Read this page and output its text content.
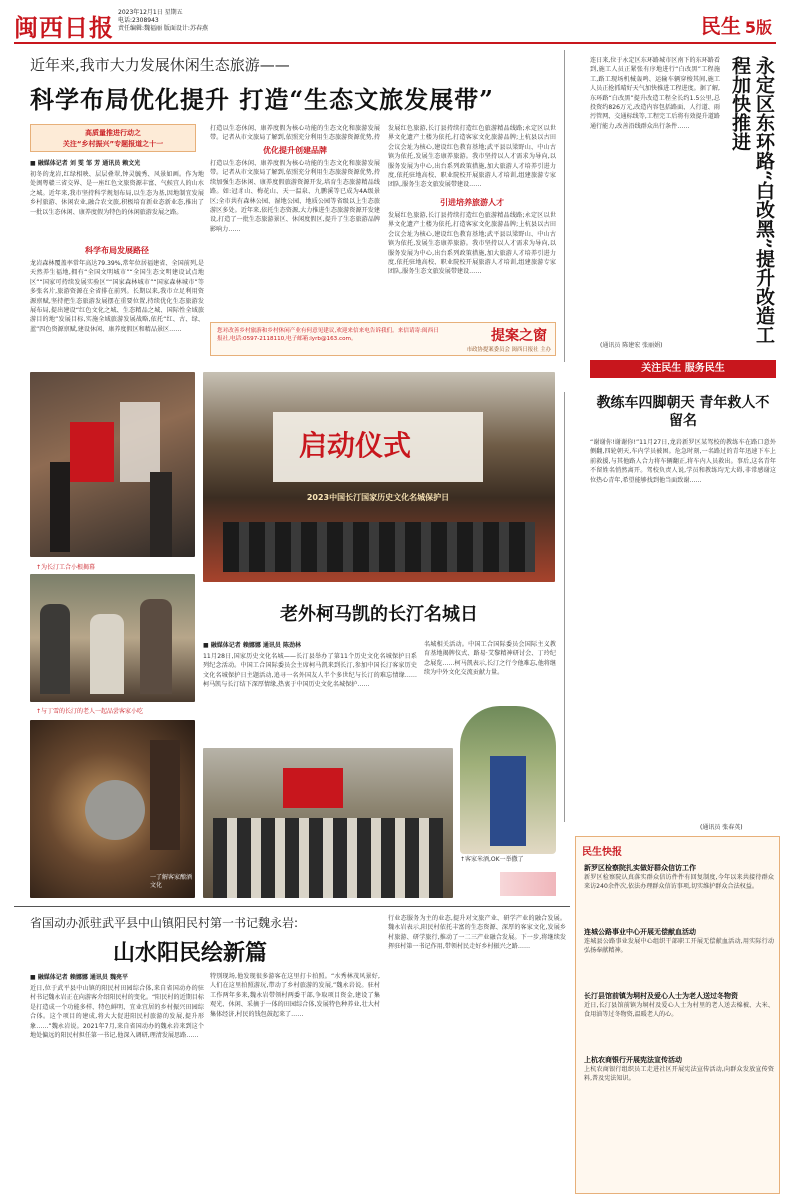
闽西日报
2023年12月1日 星期五
电话:2308943
责任编辑:魏福丽 版面设计:苏春燕	民生 5版
近年来,我市大力发展休闲生态旅游——
科学布局优化提升 打造“生态文旅发展带”
高质量推进行动之
关注“乡村振兴”专题报道之十一
■ 融媒体记者 刘 雯 邹 芳 通讯员 赖文光
初冬的龙岩,红绿相映、层层叠翠,钟灵毓秀、风景如画。作为地处闽粤赣三省交界、是一座红色文旅资源丰富、气候宜人的山水之城。近年来,我市坚持科学规划布局,以生态为基,因地制宜发展乡村旅游、休闲农业,融合农文旅,积极培育新业态新业态,推出了一批以生态休闲、康养度假为特色的休闲旅游发展之路。
科学布局发展路径
龙岩森林覆盖率常年高达79.39%,常年位居福建省、全国前列,是天然养生福地,拥有“全国文明城市”“全国生态文明建设试点地区”“国家可持续发展实验区”“国家森林城市”“国家森林城市”等多张名片,旅游资源在全省排在前列。长期以来,我市立足利用资源禀赋,坚持把生态旅游发展摆在重要位置,持续优化生态旅游发展布局,提出建设“红色文化之城、生态精品之城、国际性全域旅游目的地”发展目标,实施全域旅游发展战略,依托“红、古、绿、蓝”四色资源禀赋,建设休闲、康养度假区和精品景区……
打造以生态休闲、康养度假为核心功能的生态文化和旅游发展带。记者从市文旅局了解到,依照充分利用生态旅游资源优势,持
优化提升创建品牌
打造以生态休闲、康养度假为核心功能的生态文化和旅游发展带。记者从市文旅局了解到,依照充分利用生态旅游资源优势,持续加强生态休闲、康养度假旅游资源开发,培育生态旅游精品线路。如:冠豸山、梅花山、天一温泉、九鹏溪等已成为4A级景区;全市共有森林公园、湿地公园、地质公园等省级以上生态旅游区多处。近年来,依托生态资源,大力推进生态旅游资源开发建设,打造了一批生态旅游景区、休闲度假区,提升了生态旅游品牌影响力……
发展红色旅游,长汀县持续打造红色旅游精品线路;永定区以世界文化遗产土楼为依托,打造客家文化旅游品牌;上杭县以古田会议会址为核心,建设红色教育基地;武平县以梁野山、中山古镇为依托,发展生态康养旅游。我市坚持以人才需求为导向,以服务发展为中心,出台系列政策措施,加大旅游人才培养引进力度,依托驻地高校、职业院校开展旅游人才培训,组建旅游专家团队,服务生态文旅发展带建设……
引进培养旅游人才
发展红色旅游,长汀县持续打造红色旅游精品线路;永定区以世界文化遗产土楼为依托,打造客家文化旅游品牌;上杭县以古田会议会址为核心,建设红色教育基地;武平县以梁野山、中山古镇为依托,发展生态康养旅游。我市坚持以人才需求为导向,以服务发展为中心,出台系列政策措施,加大旅游人才培养引进力度,依托驻地高校、职业院校开展旅游人才培训,组建旅游专家团队,服务生态文旅发展带建设……
您对改善乡村旅游和乡村休闲产业有何意见建议,欢迎来信来电告诉我们。来信请寄:闽西日报社,电话:0597-2118110,电子邮箱:lyrb@163.com。	提案之窗
市政协提案委员会 闽西日报社 主办
连日来,位于永定区东环路城市区南下的东环路看到,施工人员正紧张有序地进行“白改黑”工程施工,路工现场机械轰鸣、运输车辆穿梭其间,施工人员正抢抓晴好天气加快推进工程进度。据了解,东环路“白改黑”提升改造工程全长约1.5公里,总投资约826万元,改造内容包括路面、人行道、雨污管网、交通标线等,工程完工后将有效提升道路通行能力,改善沿线群众出行条件……	永定区东环路“白改黑”提升改造工程加快推进
(通讯员 陈建宏 张丽娟)
关注民生 服务民生
↑为长汀工合小根揭幕
↑与丁雪的长汀的老人一起品尝客家小吃
一了解客家酿酒文化
启动仪式
2023中国长汀国家历史文化名城保护日
老外柯马凯的长汀名城日
■ 融媒体记者 赖娜娜 通讯员 陈劲林
11月28日,国家历史文化名城——长汀县举办了第11个历史文化名城保护日系列纪念活动。中国工合国际委员会主席柯马凯来到长汀,参加中国长汀客家历史文化名城保护日主题活动,追寻一名外国友人半个多世纪与长汀的难忘情缘……柯马凯与长汀结下深厚情缘,热衷于中国历史文化名城保护……
名城相关活动。中国工合国际委员会国际主义教育基地揭牌仪式、路易·艾黎精神研讨会、丁玲纪念展览……柯马凯表示,长汀之行令他难忘,他将继续为中外文化交流贡献力量。
↑客家米酒,OK一举撒了
教练车四脚朝天 青年救人不留名
“谢谢你!谢谢你!”11月27日,龙岩新罗区某驾校的教练车在路口意外侧翻,四轮朝天,车内学员被困。危急时刻,一名路过的青年迅速下车上前救援,与其他路人合力将车辆翻正,将车内人员救出。事后,这名青年不留姓名悄然离开。驾校负责人说,学员和教练均无大碍,非常感谢这位热心青年,希望能够找到他当面致谢……
(通讯员 张春英)
民生快报
新罗区检察院扎实做好群众信访工作
新罗区检察院认真落实群众信访件件有回复制度,今年以来共接待群众来访240余件次,依法办理群众信访事项,切实维护群众合法权益。
连城公路事业中心开展无偿献血活动
连城县公路事业发展中心组织干部职工开展无偿献血活动,用实际行动弘扬奉献精神。
长汀县馆前镇为垌村及爱心人士为老人送过冬物资
近日,长汀县馆前镇为垌村及爱心人士为村里的老人送去棉被、大米、食用油等过冬物资,温暖老人的心。
上杭农商银行开展宪法宣传活动
上杭农商银行组织员工走进社区开展宪法宣传活动,向群众发放宣传资料,普及宪法知识。
省国动办派驻武平县中山镇阳民村第一书记魏永岩:
山水阳民绘新篇
■ 融媒体记者 赖娜娜 通讯员 魏亮平
近日,位于武平县中山镇的阳民村田园综合体,来自省国动办的驻村书记魏永岩正在向游客介绍阳民村的变化。“阳民村的近期目标是打造成一个功能多样、特色鲜明、宜业宜居的乡村振兴田园综合体。这个项目的建成,将大大促进阳民村旅游的发展,提升形象……”魏永岩说。2021年7月,来自省国动办的魏永岩来到这个地处偏远的阳民村担任第一书记,他深入调研,理清发展思路……
特别现场,他发现很多游客在这里打卡拍照。“水秀林茂风景好,人们在这里拍照游玩,带动了乡村旅游的发展,”魏永岩说。驻村工作两年多来,魏永岩带领村两委干部,争取项目资金,建设了集观光、休闲、采摘于一体的田园综合体,发展特色种养业,壮大村集体经济,村民的钱包鼓起来了……
行业态服务为主的业态,提升对文旅产业、研学产业的融合发展。魏永岩表示,阳民村依托丰富的生态资源、深厚的客家文化,发展乡村旅游、研学旅行,推动了一二三产业融合发展。下一步,将继续发挥驻村第一书记作用,带领村民走好乡村振兴之路……
